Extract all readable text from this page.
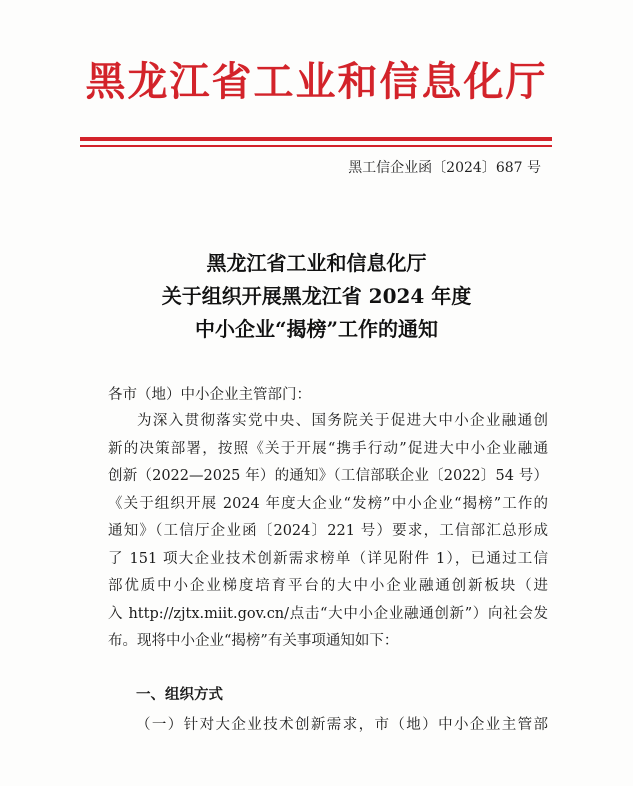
黑龙江省工业和信息化厅
黑工信企业函〔2024〕687 号
黑龙江省工业和信息化厅
关于组织开展黑龙江省 2024 年度
中小企业“揭榜”工作的通知
各市（地）中小企业主管部门：
为深入贯彻落实党中央、国务院关于促进大中小企业融通创
新的决策部署，按照《关于开展“携手行动”促进大中小企业融通
创新（2022—2025 年）的通知》（工信部联企业〔2022〕54 号）
《关于组织开展 2024 年度大企业“发榜”中小企业“揭榜”工作的
通知》（工信厅企业函〔2024〕221 号）要求，工信部汇总形成
了 151 项大企业技术创新需求榜单（详见附件 1），已通过工信
部优质中小企业梯度培育平台的大中小企业融通创新板块（进
入 http://zjtx.miit.gov.cn/点击“大中小企业融通创新”）向社会发
布。现将中小企业“揭榜”有关事项通知如下：
一、组织方式
（一）针对大企业技术创新需求，市（地）中小企业主管部
